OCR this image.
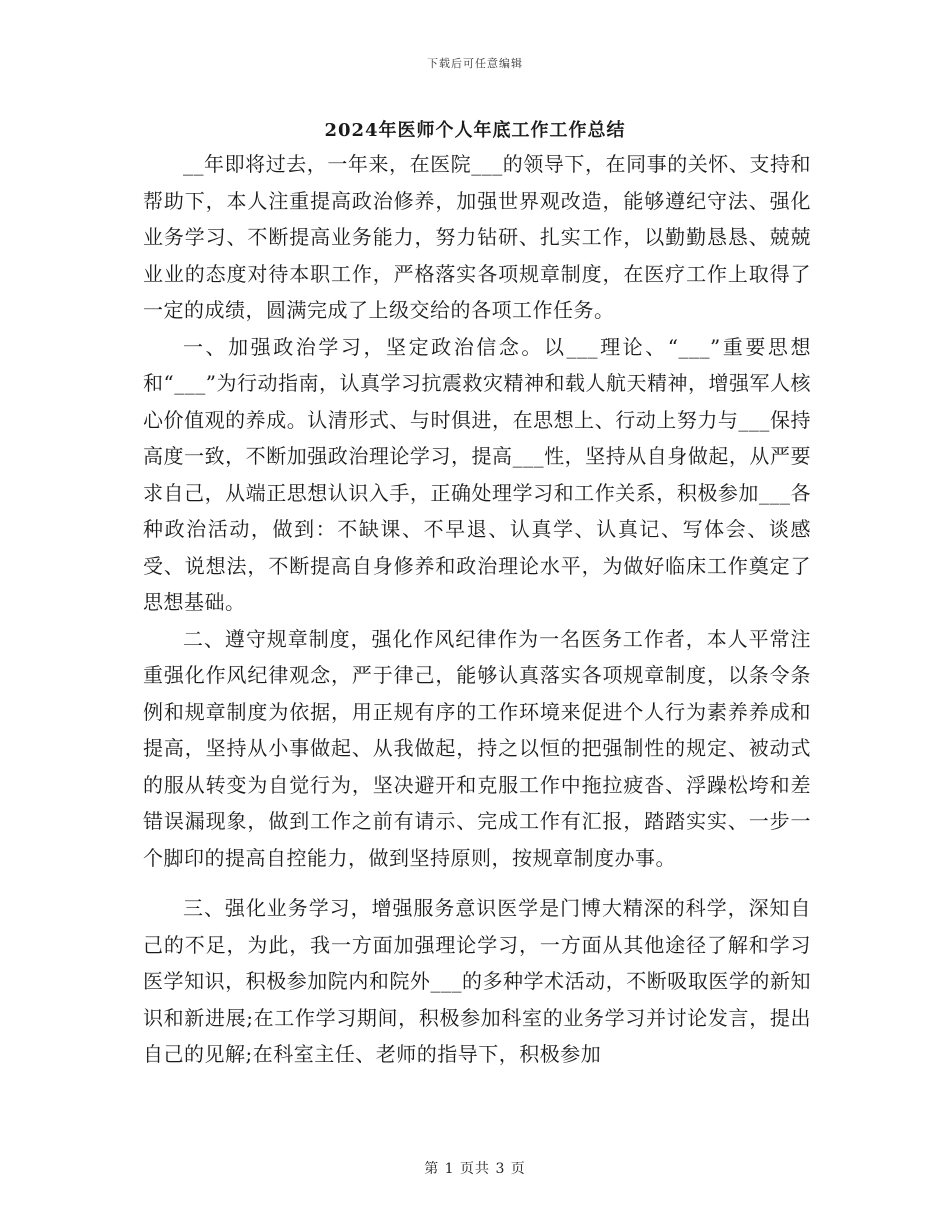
下载后可任意编辑
2024年医师个人年底工作工作总结

__年即将过去，一年来，在医院___的领导下，在同事的关怀、支持和帮助下，本人注重提高政治修养，加强世界观改造，能够遵纪守法、强化业务学习、不断提高业务能力，努力钻研、扎实工作，以勤勤恳恳、兢兢业业的态度对待本职工作，严格落实各项规章制度，在医疗工作上取得了一定的成绩，圆满完成了上级交给的各项工作任务。

一、加强政治学习，坚定政治信念。以___理论、“___”重要思想和“___”为行动指南，认真学习抗震救灾精神和载人航天精神，增强军人核心价值观的养成。认清形式、与时俱进，在思想上、行动上努力与___保持高度一致，不断加强政治理论学习，提高___性，坚持从自身做起，从严要求自己，从端正思想认识入手，正确处理学习和工作关系，积极参加___各种政治活动，做到：不缺课、不早退、认真学、认真记、写体会、谈感受、说想法，不断提高自身修养和政治理论水平，为做好临床工作奠定了思想基础。

二、遵守规章制度，强化作风纪律作为一名医务工作者，本人平常注重强化作风纪律观念，严于律己，能够认真落实各项规章制度，以条令条例和规章制度为依据，用正规有序的工作环境来促进个人行为素养养成和提高，坚持从小事做起、从我做起，持之以恒的把强制性的规定、被动式的服从转变为自觉行为，坚决避开和克服工作中拖拉疲沓、浮躁松垮和差错误漏现象，做到工作之前有请示、完成工作有汇报，踏踏实实、一步一个脚印的提高自控能力，做到坚持原则，按规章制度办事。

三、强化业务学习，增强服务意识医学是门博大精深的科学，深知自己的不足，为此，我一方面加强理论学习，一方面从其他途径了解和学习医学知识，积极参加院内和院外___的多种学术活动，不断吸取医学的新知识和新进展;在工作学习期间，积极参加科室的业务学习并讨论发言，提出自己的见解;在科室主任、老师的指导下，积极参加

第 1 页共 3 页
